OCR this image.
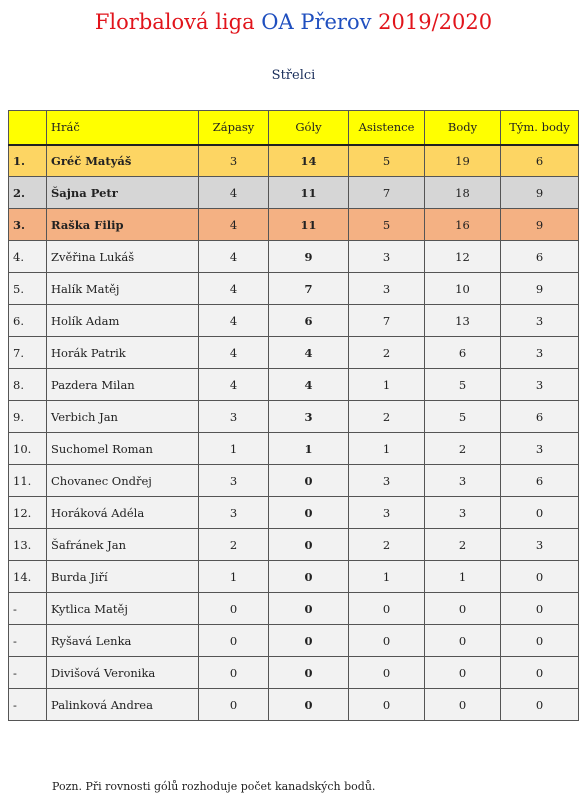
Florbalová liga OA Přerov 2019/2020
Střelci
	Hráč	Zápasy	Góly	Asistence	Body	Tým. body
1.	Gréč Matyáš	3	14	5	19	6
2.	Šajna Petr	4	11	7	18	9
3.	Raška Filip	4	11	5	16	9
4.	Zvěřina Lukáš	4	9	3	12	6
5.	Halík Matěj	4	7	3	10	9
6.	Holík Adam	4	6	7	13	3
7.	Horák Patrik	4	4	2	6	3
8.	Pazdera Milan	4	4	1	5	3
9.	Verbich Jan	3	3	2	5	6
10.	Suchomel Roman	1	1	1	2	3
11.	Chovanec Ondřej	3	0	3	3	6
12.	Horáková Adéla	3	0	3	3	0
13.	Šafránek Jan	2	0	2	2	3
14.	Burda Jiří	1	0	1	1	0
-	Kytlica Matěj	0	0	0	0	0
-	Ryšavá Lenka	0	0	0	0	0
-	Divišová Veronika	0	0	0	0	0
-	Palinková Andrea	0	0	0	0	0
Pozn. Při rovnosti gólů rozhoduje počet kanadských bodů.
